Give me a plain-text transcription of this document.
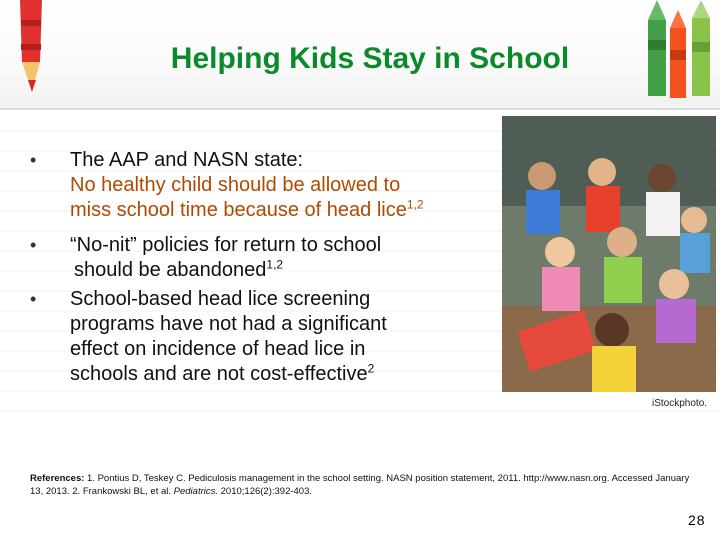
Helping Kids Stay in School
• The AAP and NASN state:
No healthy child should be allowed to
miss school time because of head lice$^{1,2}$
• “No-nit” policies for return to school
should be abandoned$^{1,2}$
• School-based head lice screening
programs have not had a significant
effect on incidence of head lice in
schools and are not cost-effective$^2$
iStockphoto.
References: 1. Pontius D, Teskey C. Pediculosis management in the school setting. NASN position statement, 2011. http://www.nasn.org. Accessed January 13, 2013. 2. Frankowski BL, et al. Pediatrics. 2010;126(2):392-403.
28
